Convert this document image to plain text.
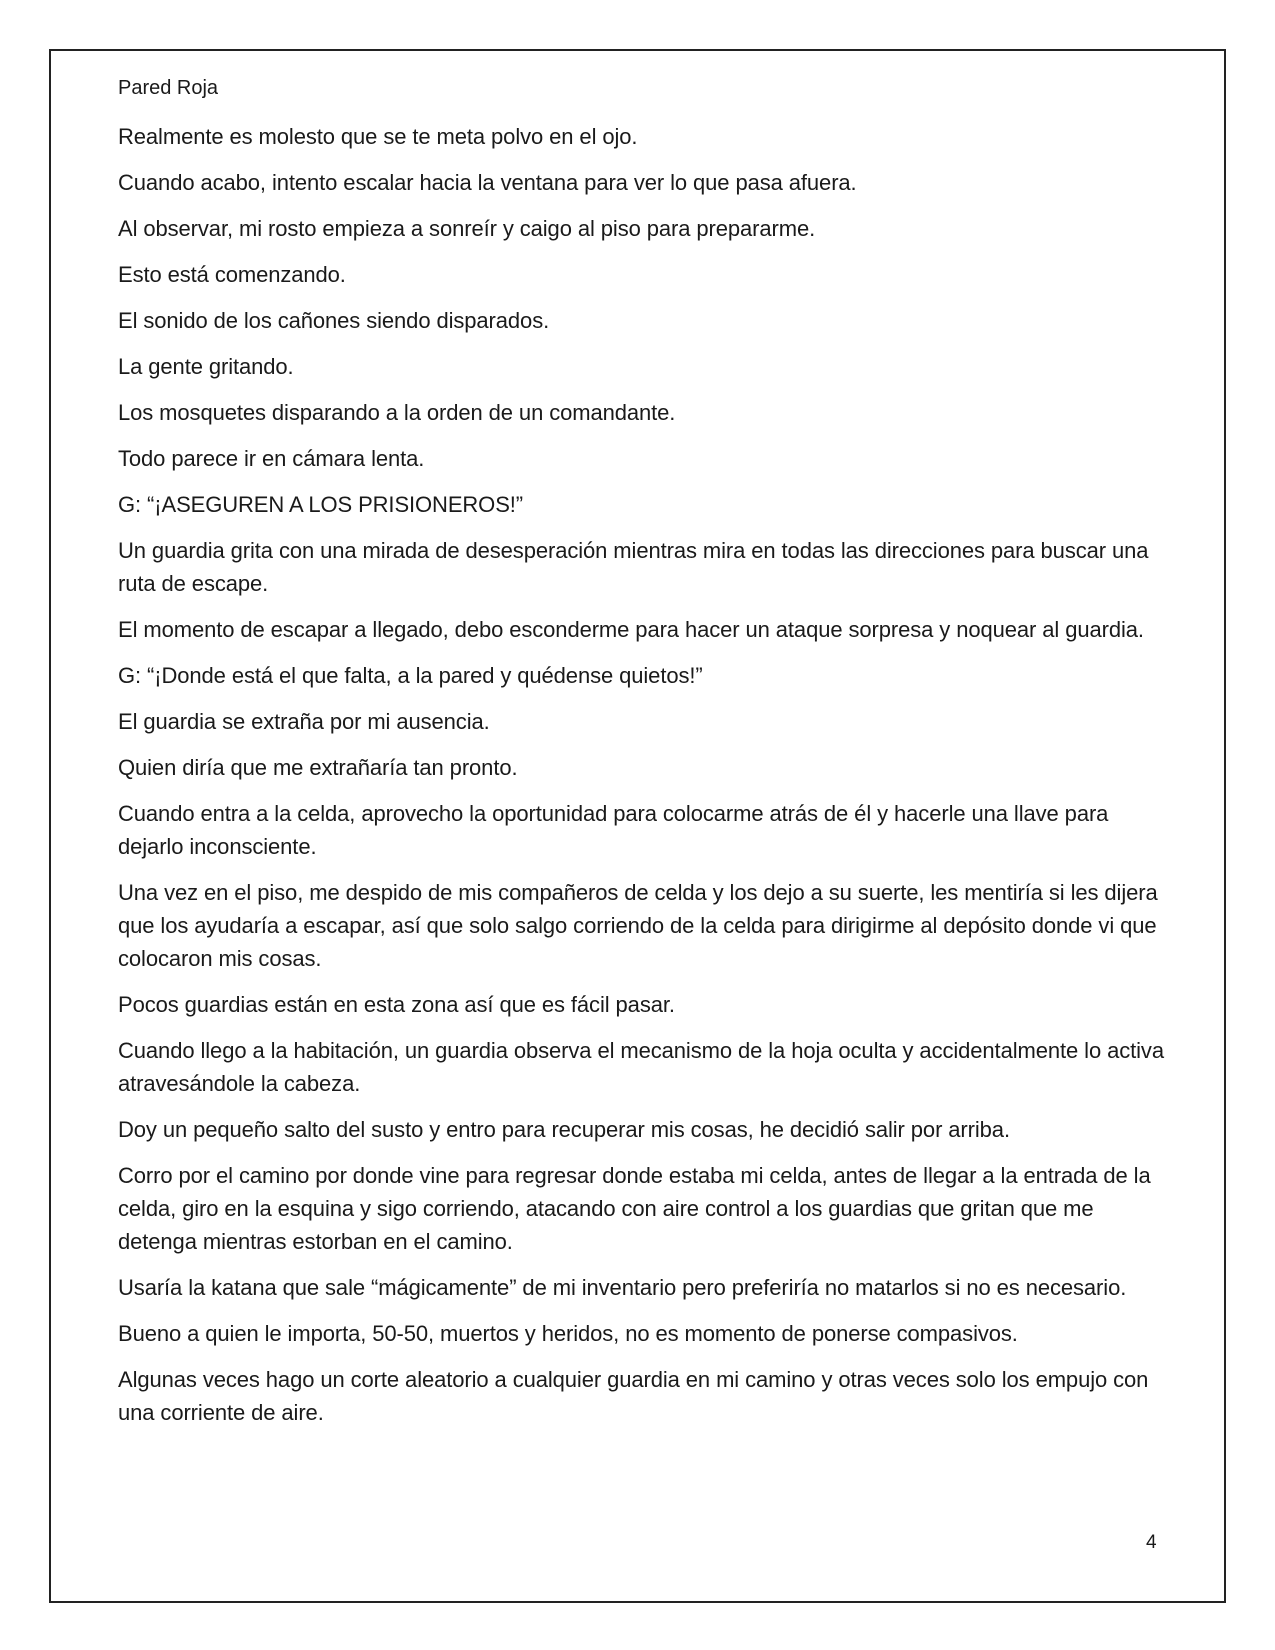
Pared Roja

Realmente es molesto que se te meta polvo en el ojo.

Cuando acabo, intento escalar hacia la ventana para ver lo que pasa afuera.

Al observar, mi rosto empieza a sonreír y caigo al piso para prepararme.

Esto está comenzando.

El sonido de los cañones siendo disparados.

La gente gritando.

Los mosquetes disparando a la orden de un comandante.

Todo parece ir en cámara lenta.

G: “¡ASEGUREN A LOS PRISIONEROS!”

Un guardia grita con una mirada de desesperación mientras mira en todas las direcciones para buscar una ruta de escape.

El momento de escapar a llegado, debo esconderme para hacer un ataque sorpresa y noquear al guardia.

G: “¡Donde está el que falta, a la pared y quédense quietos!”

El guardia se extraña por mi ausencia.

Quien diría que me extrañaría tan pronto.

Cuando entra a la celda, aprovecho la oportunidad para colocarme atrás de él y hacerle una llave para dejarlo inconsciente.

Una vez en el piso, me despido de mis compañeros de celda y los dejo a su suerte, les mentiría si les dijera que los ayudaría a escapar, así que solo salgo corriendo de la celda para dirigirme al depósito donde vi que colocaron mis cosas.

Pocos guardias están en esta zona así que es fácil pasar.

Cuando llego a la habitación, un guardia observa el mecanismo de la hoja oculta y accidentalmente lo activa atravesándole la cabeza.

Doy un pequeño salto del susto y entro para recuperar mis cosas, he decidió salir por arriba.

Corro por el camino por donde vine para regresar donde estaba mi celda, antes de llegar a la entrada de la celda, giro en la esquina y sigo corriendo, atacando con aire control a los guardias que gritan que me detenga mientras estorban en el camino.

Usaría la katana que sale “mágicamente” de mi inventario pero preferiría no matarlos si no es necesario.

Bueno a quien le importa, 50-50, muertos y heridos, no es momento de ponerse compasivos.

Algunas veces hago un corte aleatorio a cualquier guardia en mi camino y otras veces solo los empujo con una corriente de aire.

4
